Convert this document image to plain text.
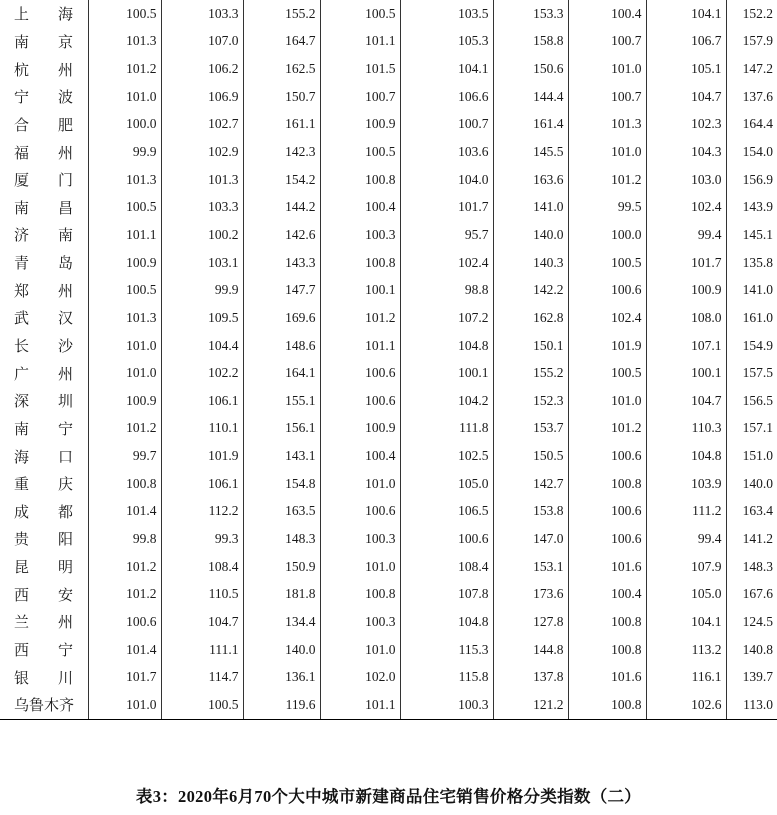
上 海	100.5	103.3	155.2	100.5	103.5	153.3	100.4	104.1	152.2
南 京	101.3	107.0	164.7	101.1	105.3	158.8	100.7	106.7	157.9
杭 州	101.2	106.2	162.5	101.5	104.1	150.6	101.0	105.1	147.2
宁 波	101.0	106.9	150.7	100.7	106.6	144.4	100.7	104.7	137.6
合 肥	100.0	102.7	161.1	100.9	100.7	161.4	101.3	102.3	164.4
福 州	99.9	102.9	142.3	100.5	103.6	145.5	101.0	104.3	154.0
厦 门	101.3	101.3	154.2	100.8	104.0	163.6	101.2	103.0	156.9
南 昌	100.5	103.3	144.2	100.4	101.7	141.0	99.5	102.4	143.9
济 南	101.1	100.2	142.6	100.3	95.7	140.0	100.0	99.4	145.1
青 岛	100.9	103.1	143.3	100.8	102.4	140.3	100.5	101.7	135.8
郑 州	100.5	99.9	147.7	100.1	98.8	142.2	100.6	100.9	141.0
武 汉	101.3	109.5	169.6	101.2	107.2	162.8	102.4	108.0	161.0
长 沙	101.0	104.4	148.6	101.1	104.8	150.1	101.9	107.1	154.9
广 州	101.0	102.2	164.1	100.6	100.1	155.2	100.5	100.1	157.5
深 圳	100.9	106.1	155.1	100.6	104.2	152.3	101.0	104.7	156.5
南 宁	101.2	110.1	156.1	100.9	111.8	153.7	101.2	110.3	157.1
海 口	99.7	101.9	143.1	100.4	102.5	150.5	100.6	104.8	151.0
重 庆	100.8	106.1	154.8	101.0	105.0	142.7	100.8	103.9	140.0
成 都	101.4	112.2	163.5	100.6	106.5	153.8	100.6	111.2	163.4
贵 阳	99.8	99.3	148.3	100.3	100.6	147.0	100.6	99.4	141.2
昆 明	101.2	108.4	150.9	101.0	108.4	153.1	101.6	107.9	148.3
西 安	101.2	110.5	181.8	100.8	107.8	173.6	100.4	105.0	167.6
兰 州	100.6	104.7	134.4	100.3	104.8	127.8	100.8	104.1	124.5
西 宁	101.4	111.1	140.0	101.0	115.3	144.8	100.8	113.2	140.8
银 川	101.7	114.7	136.1	102.0	115.8	137.8	101.6	116.1	139.7
乌鲁木齐	101.0	100.5	119.6	101.1	100.3	121.2	100.8	102.6	113.0
表3：2020年6月70个大中城市新建商品住宅销售价格分类指数（二）
